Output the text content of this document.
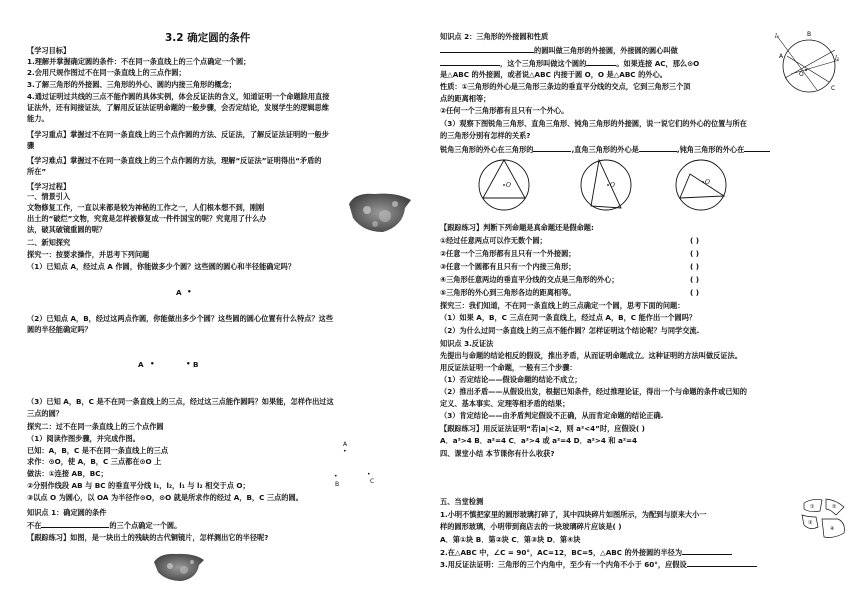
3.2 确定圆的条件
【学习目标】
1.理解并掌握确定圆的条件：不在同一条直线上的三个点确定一个圆；
2.会用尺规作图过不在同一条直线上的三点作圆；
3.了解三角形的外接圆、三角形的外心、圆的内接三角形的概念；
4.通过证明过共线的三点不能作圆的具体实例，体会反证法的含义，知道证明一个命题除用直接
证法外，还有间接证法，了解用反证法证明命题的一般步骤，会否定结论，发展学生的逻辑思维
能力。
【学习重点】掌握过不在同一条直线上的三个点作圆的方法、反证法，了解反证法证明的一般步
骤
【学习难点】掌握过不在同一条直线上的三个点作圆的方法，理解“反证法”证明得出“矛盾的
所在”
【学习过程】
一、情景引入
文物修复工作，一直以来都是较为神秘的工作之一，人们根本想不到，刚刚
出土的“破烂”文物，究竟是怎样被修复成一件件国宝的呢？究竟用了什么办
法，破其破镜重圆的呢？
二、新知探究
探究一：按要求操作，并思考下列问题
（1）已知点 A，经过点 A 作圆，你能做多少个圆？这些圆的圆心和半径能确定吗？
A •
（2）已知点 A，B，经过这两点作圆，你能做出多少个圆？这些圆的圆心位置有什么特点？这些
圆的半径能确定吗？
A •	• B
（3）已知 A，B，C 是不在同一条直线上的三点，经过这三点能作圆吗？如果能，怎样作出过这
三点的圆？
探究二：过不在同一条直线上的三个点作圆
（1）阅读作图步骤，并完成作图。
已知：A，B，C 是不在同一条直线上的三点
求作：⊙O，使 A，B，C 三点都在⊙O 上
做法：①连接 AB，BC；
②分别作线段 AB 与 BC 的垂直平分线 l₁，l₂，l₁ 与 l₂ 相交于点 O；
③以点 O 为圆心，以 OA 为半径作⊙O，⊙O 就是所求作的经过 A，B，C 三点的圆。
A
•
B
•	•
C
知识点 1：确定圆的条件
不在	的三个点确定一个圆。
【跟踪练习】如图，是一块出土的残缺的古代铜镜片，怎样测出它的半径呢?
知识点 2：三角形的外接圆和性质
的圆叫做三角形的外接圆，外接圆的圆心叫做
，这个三角形叫做这个圆的	。如果连接 AC，那么⊙O
是△ABC 的外接圆，或者说△ABC 内接于圆 O，O 是△ABC 的外心。
性质：①三角形的外心是三角形三条边的垂直平分线的交点，它到三角形三个顶
点的距离相等；
②任何一个三角形都有且只有一个外心。
（3）观察下图锐角三角形、直角三角形、钝角三角形的外接圆，说一说它们的外心的位置与所在
的三角形分别有怎样的关系?
锐角三角形的外心在三角形的	,直角三角形的外心是	,钝角三角形的外心在
l₁
l₂
A
B
C
O
O	O	O
【跟踪练习】判断下列命题是真命题还是假命题:
①经过任意两点可以作无数个圆；	( )
②任意一个三角形都有且只有一个外接圆；	( )
③任意一个圆都有且只有一个内接三角形；	( )
④三角形任意两边的垂直平分线的交点是三角形的外心；	( )
⑤三角形的外心到三角形各边的距离相等。	( )
探究三：我们知道，不在同一条直线上的三点确定一个圆，思考下面的问题：
（1）如果 A，B，C 三点在同一条直线上，经过点 A，B，C 能作出一个圆吗？
（2）为什么过同一条直线上的三点不能作圆？怎样证明这个结论呢？与同学交流.
知识点 3.反证法
先提出与命题的结论相反的假设，推出矛盾，从而证明命题成立。这种证明的方法叫做反证法。
用反证法证明一个命题，一般有三个步骤：
（1）否定结论——假设命题的结论不成立；
（2）推出矛盾——从假设出发，根据已知条件，经过推理论证，得出一个与命题的条件或已知的
定义、基本事实、定理等相矛盾的结果；
（3）肯定结论——由矛盾判定假设不正确，从而肯定命题的结论正确.
【跟踪练习】用反证法证明“若|a|<2，则 a²<4”时，应假设( )
A．a²>4 B．a²=4 C．a²>4 或 a²=4 D．a²>4 和 a²=4
四、课堂小结 本节课你有什么收获?
五、当堂检测
1.小明不慎把家里的圆形玻璃打碎了，其中四块碎片如图所示，为配到与原来大小一
样的圆形玻璃，小明带到商店去的一块玻璃碎片应该是( )
A．第①块 B．第②块 C．第③块 D．第④块
2.在△ABC 中，∠C = 90°，AC=12，BC=5，△ABC 的外接圆的半径为
3.用反证法证明：三角形的三个内角中，至少有一个内角不小于 60°，应假设
①	②
③
④
